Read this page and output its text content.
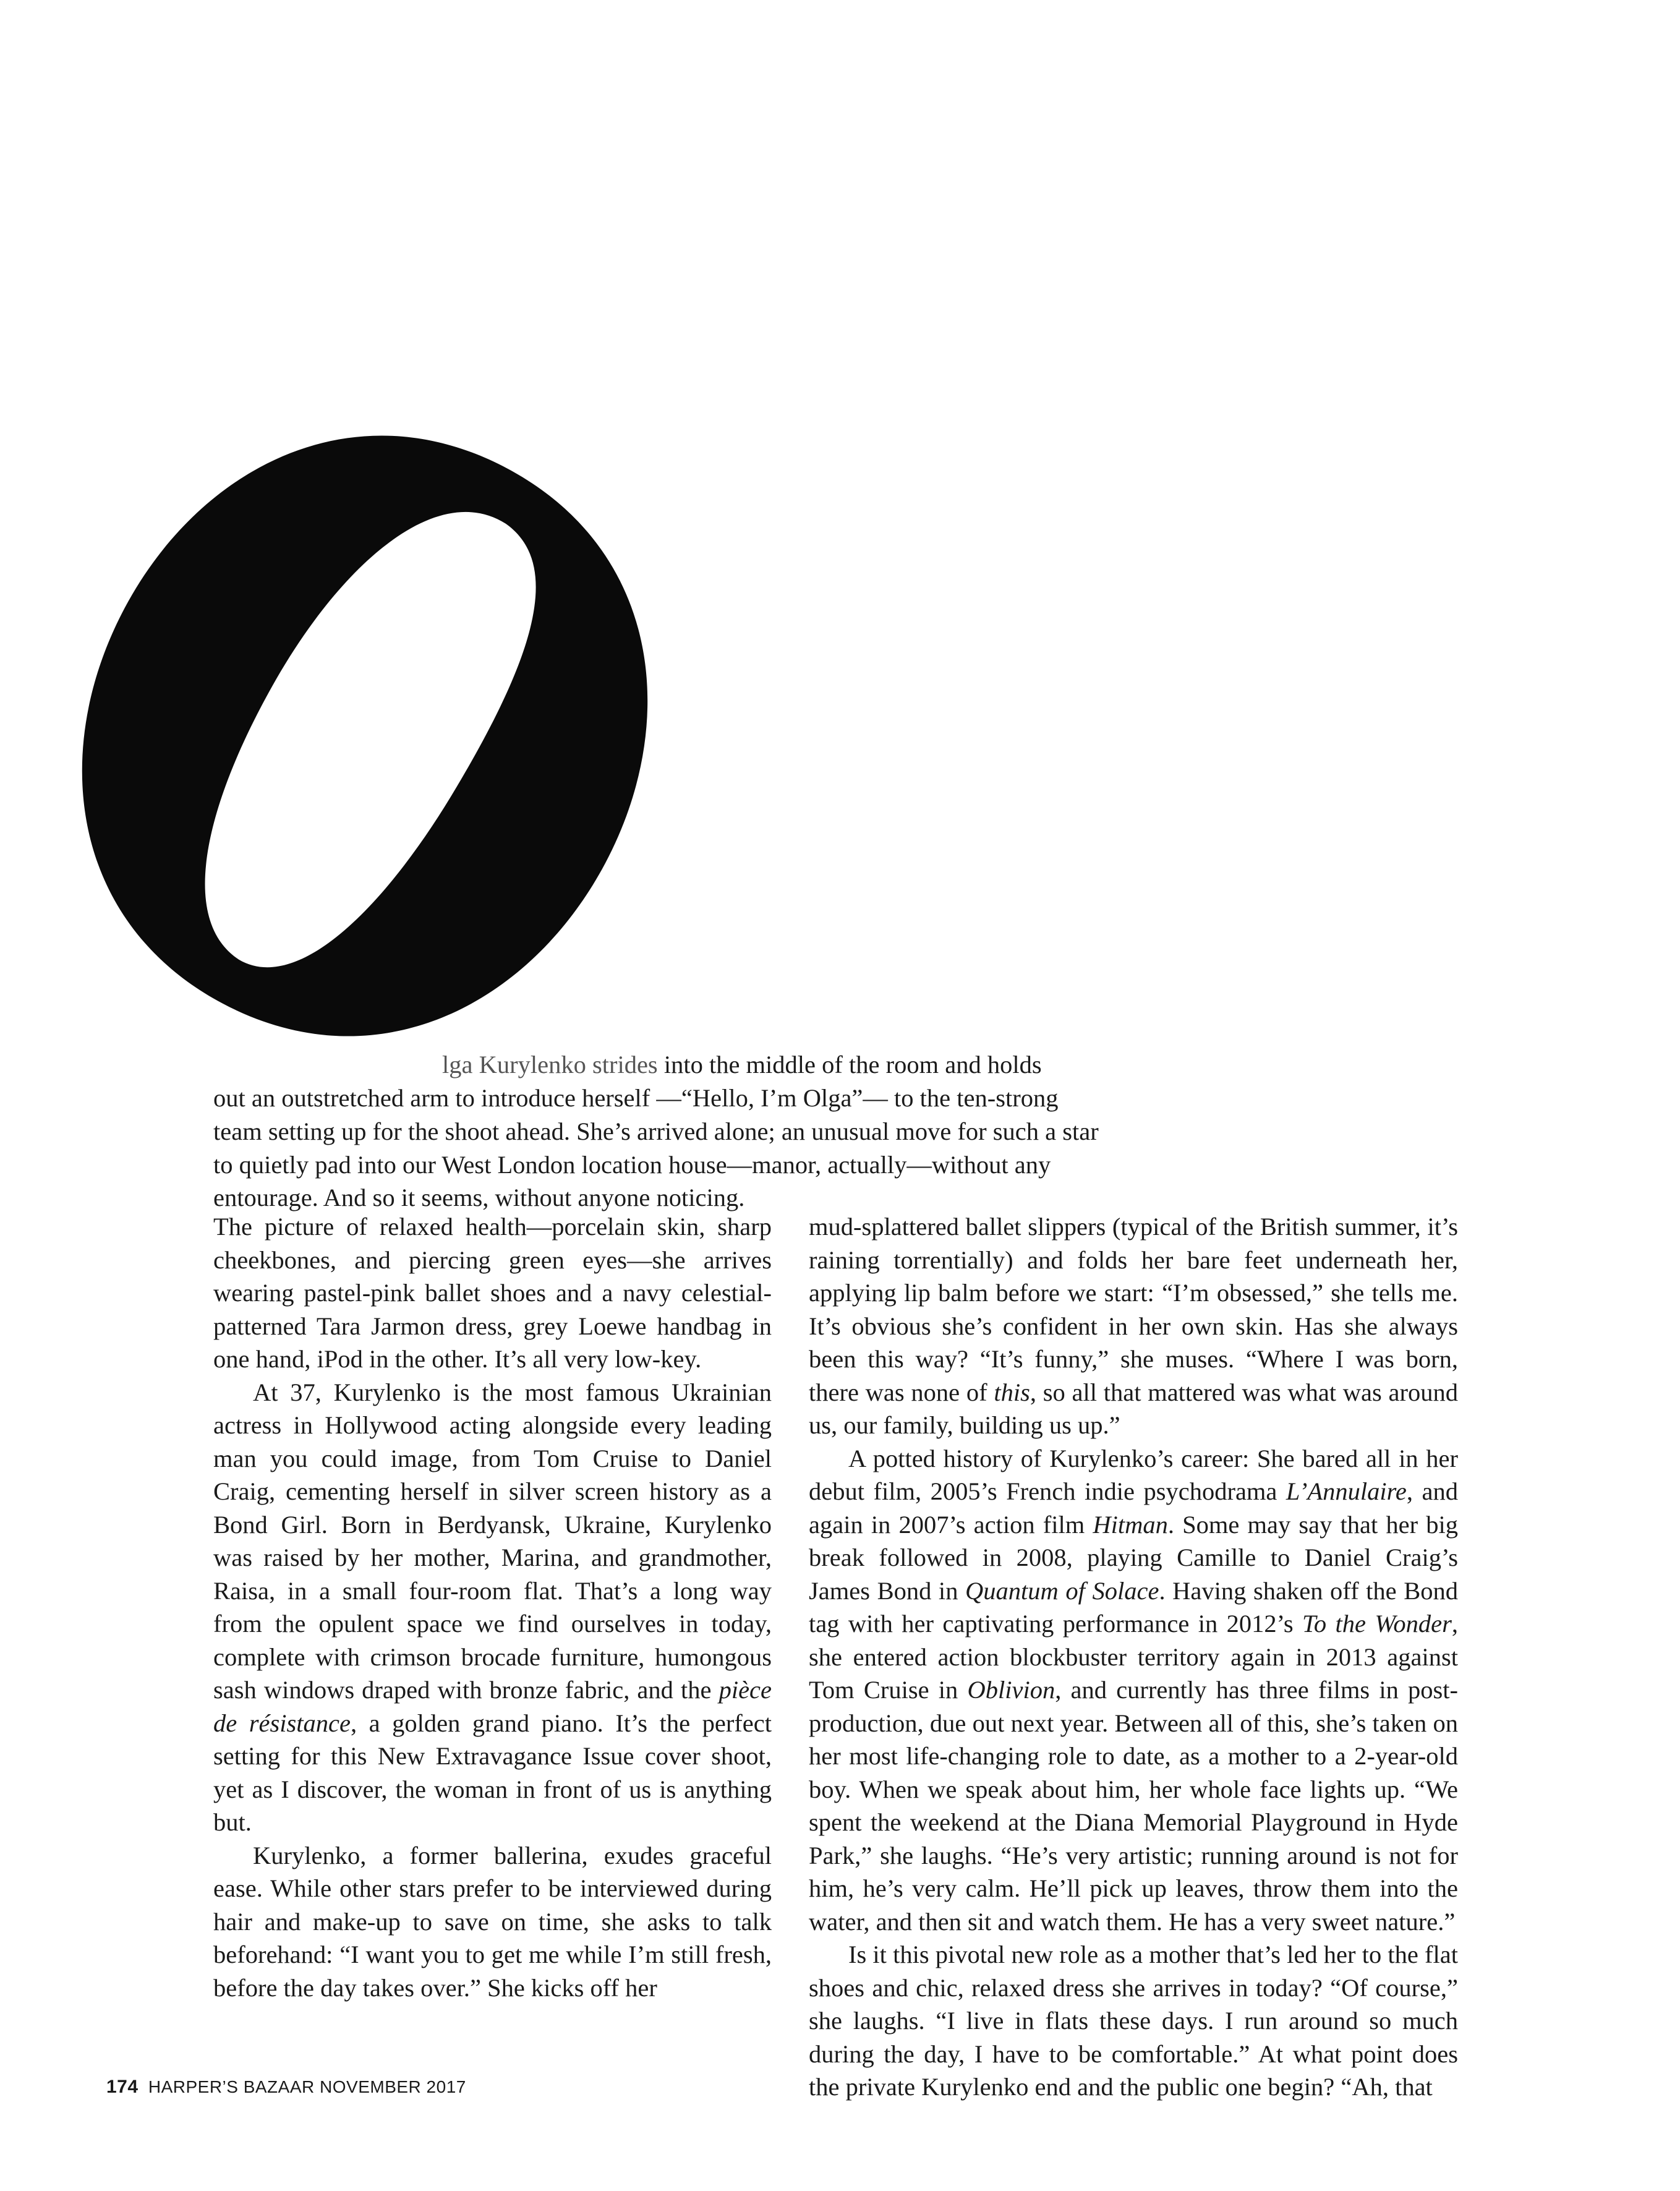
lga Kurylenko strides into the middle of the room and holds
out an outstretched arm to introduce herself —“Hello, I’m Olga”— to the ten-strong
team setting up for the shoot ahead. She’s arrived alone; an unusual move for such a star
to quietly pad into our West London location house—manor, actually—without any
entourage. And so it seems, without anyone noticing.

The picture of relaxed health—porcelain skin, sharp cheekbones, and piercing green eyes—she arrives wearing pastel-pink ballet shoes and a navy celestial-patterned Tara Jarmon dress, grey Loewe handbag in one hand, iPod in the other. It’s all very low-key.

At 37, Kurylenko is the most famous Ukrainian actress in Hollywood acting alongside every leading man you could image, from Tom Cruise to Daniel Craig, cementing herself in silver screen history as a Bond Girl. Born in Berdyansk, Ukraine, Kurylenko was raised by her mother, Marina, and grandmother, Raisa, in a small four-room flat. That’s a long way from the opulent space we find ourselves in today, complete with crimson brocade furniture, humongous sash windows draped with bronze fabric, and the pièce de résistance, a golden grand piano. It’s the perfect setting for this New Extravagance Issue cover shoot, yet as I discover, the woman in front of us is anything but.

Kurylenko, a former ballerina, exudes graceful ease. While other stars prefer to be interviewed during hair and make-up to save on time, she asks to talk beforehand: “I want you to get me while I’m still fresh, before the day takes over.” She kicks off her

mud-splattered ballet slippers (typical of the British summer, it’s raining torrentially) and folds her bare feet underneath her, applying lip balm before we start: “I’m obsessed,” she tells me. It’s obvious she’s confident in her own skin. Has she always been this way? “It’s funny,” she muses. “Where I was born, there was none of this, so all that mattered was what was around us, our family, building us up.”

A potted history of Kurylenko’s career: She bared all in her debut film, 2005’s French indie psychodrama L’Annulaire, and again in 2007’s action film Hitman. Some may say that her big break followed in 2008, playing Camille to Daniel Craig’s James Bond in Quantum of Solace. Having shaken off the Bond tag with her captivating performance in 2012’s To the Wonder, she entered action blockbuster territory again in 2013 against Tom Cruise in Oblivion, and currently has three films in post-production, due out next year. Between all of this, she’s taken on her most life-changing role to date, as a mother to a 2-year-old boy. When we speak about him, her whole face lights up. “We spent the weekend at the Diana Memorial Playground in Hyde Park,” she laughs. “He’s very artistic; running around is not for him, he’s very calm. He’ll pick up leaves, throw them into the water, and then sit and watch them. He has a very sweet nature.”

Is it this pivotal new role as a mother that’s led her to the flat shoes and chic, relaxed dress she arrives in today? “Of course,” she laughs. “I live in flats these days. I run around so much during the day, I have to be comfortable.” At what point does the private Kurylenko end and the public one begin? “Ah, that

174 HARPER’S BAZAAR NOVEMBER 2017
